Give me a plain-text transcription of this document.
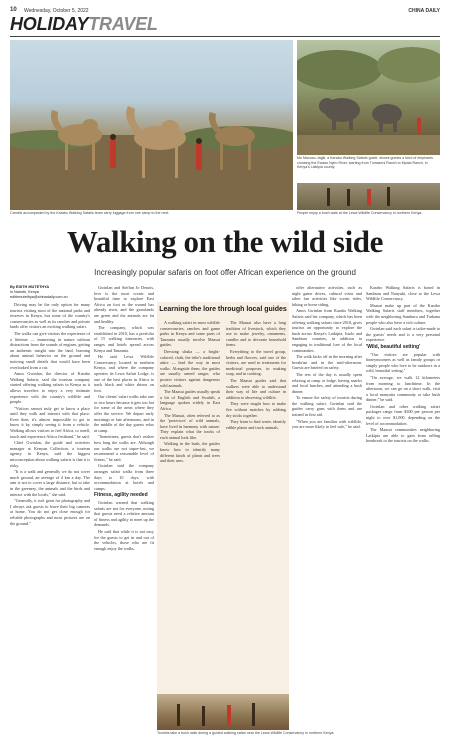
10 Wednesday, October 5, 2022	CHINA DAILY
HOLIDAYTRAVEL
Camels accompanied by the Karabo Walking Safaris team carry luggage from one camp to the next.
Mo Mavuso-Jaglit, a Karabo Walking Safaris guide, shows guests a herd of elephants crossing the Ewaso Nyiro River, starting from Tumaseni Ranch to Mpala Ranch, in Kenya's Laikipia county.
People enjoy a bush walk at the Lewa Wildlife Conservancy in northern Kenya.
Walking on the wild side
Increasingly popular safaris on foot offer African experience on the ground
By EDITH MUTETHYA
in Nairobi, Kenya
edithmutethya@chinadaily.com.cn

Driving may be the only option for many tourists visiting most of the national parks and reserves in Kenya, but some of the country's conservancies as well as its ranches and private lands offer visitors an exciting walking safari.

The walks can give visitors the experience of a lifetime — immersing in nature without distractions from the sounds of engines, getting an authentic insight into the land, learning about animal behavior on the ground and noticing small details that would have been overlooked from a car.

Amos Gwinlan, the director of Karabo Walking Safaris, said the tourism company started offering walking safaris in Kenya as it allows travelers to enjoy a very intimate experience with the country's wildlife and people.

"Visitors cannot truly get to know a place until they walk and interact with that place. Even then, it's almost impossible to get to know it by simply seeing it from a vehicle. Walking allows visitors to feel Africa, to smell, touch and experience Africa firsthand," he said.

Chief Gwinlan, the guide and activities manager at Kenyan Collection, a tourism agency in Kenya, said the biggest misconception about walking safaris is that it is risky.

"It is a walk and generally we do not cover much ground, an average of 4 km a day. The aim is not to cover a large distance, but to take in the greenery, the animals and the birds and interact with the locals," she said.

"Generally, it isn't great for photography and I always ask guests to leave their big cameras at home. You do not get close enough for reliable photographs and most pictures are on the ground."

Gwinlan and Steffan Jo Denois, love is the most scenic and beautiful time to explore East Africa on foot as the wound has already risen, and the grasslands are green and the animals are fat and healthy.

The company, which was established in 2010, has a portfolio of 15 walking itineraries, with ranges and hotels spread across Kenya and Tanzania.

He said Lewa Wildlife Conservancy, located in northern Kenya, and where the company operates its Lewa Safari Lodge, is one of the best places in Africa to track black and white rhinos on foot.

Our clients' safari walks take one or two hours because it gets too hot for some of the areas where they offer the service. We depart early mornings or late afternoons, and in the middle of the day guests relax at camp.

"Sometimes, guests don't realize how long the walks are. Although our walks are not super-fast, we recommend a reasonable level of fitness," he said.

Gwinlan said the company arranges safari walks from three days to 10 days, with accommodation at hotels and camps.

Fitness, agility needed

Gwinlan warned that walking safaris are not for everyone, noting that guests need a relative amount of fitness and agility to meet up the demands.

He said that while it is not easy for the guests to get in and out of the vehicles, those who are fit enough enjoy the walks.

Learning the lore through local guides

A walking safari in most wildlife conservancies, ranches and game parks in Kenya and some parts of Tanzania usually involve Maasai guides.

Dressing shuka — a bright-colored, cloth, the tribe's traditional attire — lead the way in most walks. Alongside them, the guides are usually armed ranger, who protect visitors against dangerous wild animals.

The Maasai guides usually speak a bit of English and Swahili, a language spoken widely in East Africa.

The Maasai, often referred to as the 'protectors' of wild animals, have lived in harmony with nature. They explain what the tracks of each animal look like.

Walking in the bush, the guides know how to identify many different kinds of plants and trees and their uses.

The Maasai also have a long tradition of livestock, which they use to make jewelry, ornaments, candles and to decorate household items.

Everything to the travel group, herbs and flowers, said one of the visitors, are used in treatments for medicinal purposes, in making soap, and in cooking.

The Maasai guides said that walkers were able to understand their way of life and culture in addition to observing wildlife.

They were taught how to make fire without matches by rubbing dry sticks together.

They learn to find water, identify edible plants and track animals.

Tourists take a bush walk during a guided walking safari near the Lewa Wildlife Conservancy in northern Kenya.

offer alternative activities, such as night game drives, cultural visits and other fun activities like scenic rides, hiking or horse riding.

Amos Gwinlan from Karabo Walking Safaris said his company, which has been offering walking safaris since 2010, gives tourists an opportunity to explore the bush across Kenya's Laikipia, Isiolo and Samburu counties, in addition to engaging in traditional lore of the local communities.

The walk kicks off in the morning after breakfast and in the mid-afternoon. Guests are briefed on safety.

The rest of the day is usually spent relaxing at camp or lodge, having snacks and local lunches, and attending a bush dinner.

To ensure the safety of tourists during the walking safari, Gwinlan said the guides carry guns with them and are trained in first aid.

"When you are familiar with wildlife, you are more likely to feel safe," he said.

Karabo Walking Safaris is based in Samburu and Nanyuki, close to the Lewa Wildlife Conservancy.

Maasai make up part of the Karabo Walking Safaris staff members, together with the neighboring Samburu and Turkana people who also have a rich culture.

Gwinlan said each safari is tailor-made to the guests' needs and is a very personal experience.

'Wild, beautiful setting'

"Our visitors are popular with honeymooners as well as family groups or simply people who love to be outdoors in a wild, beautiful setting."

"On average, we walk 12 kilometers from morning to lunchtime. In the afternoon, we can go on a short walk, visit a local manyatta community or take bush dinner," he said.

Gwinlan and other walking safari packages range from $300 per person per night to over $1,000, depending on the level of accommodation.

The Maasai communities neighboring Laikipia are able to gain from selling beadwork to the tourists on the walks.
